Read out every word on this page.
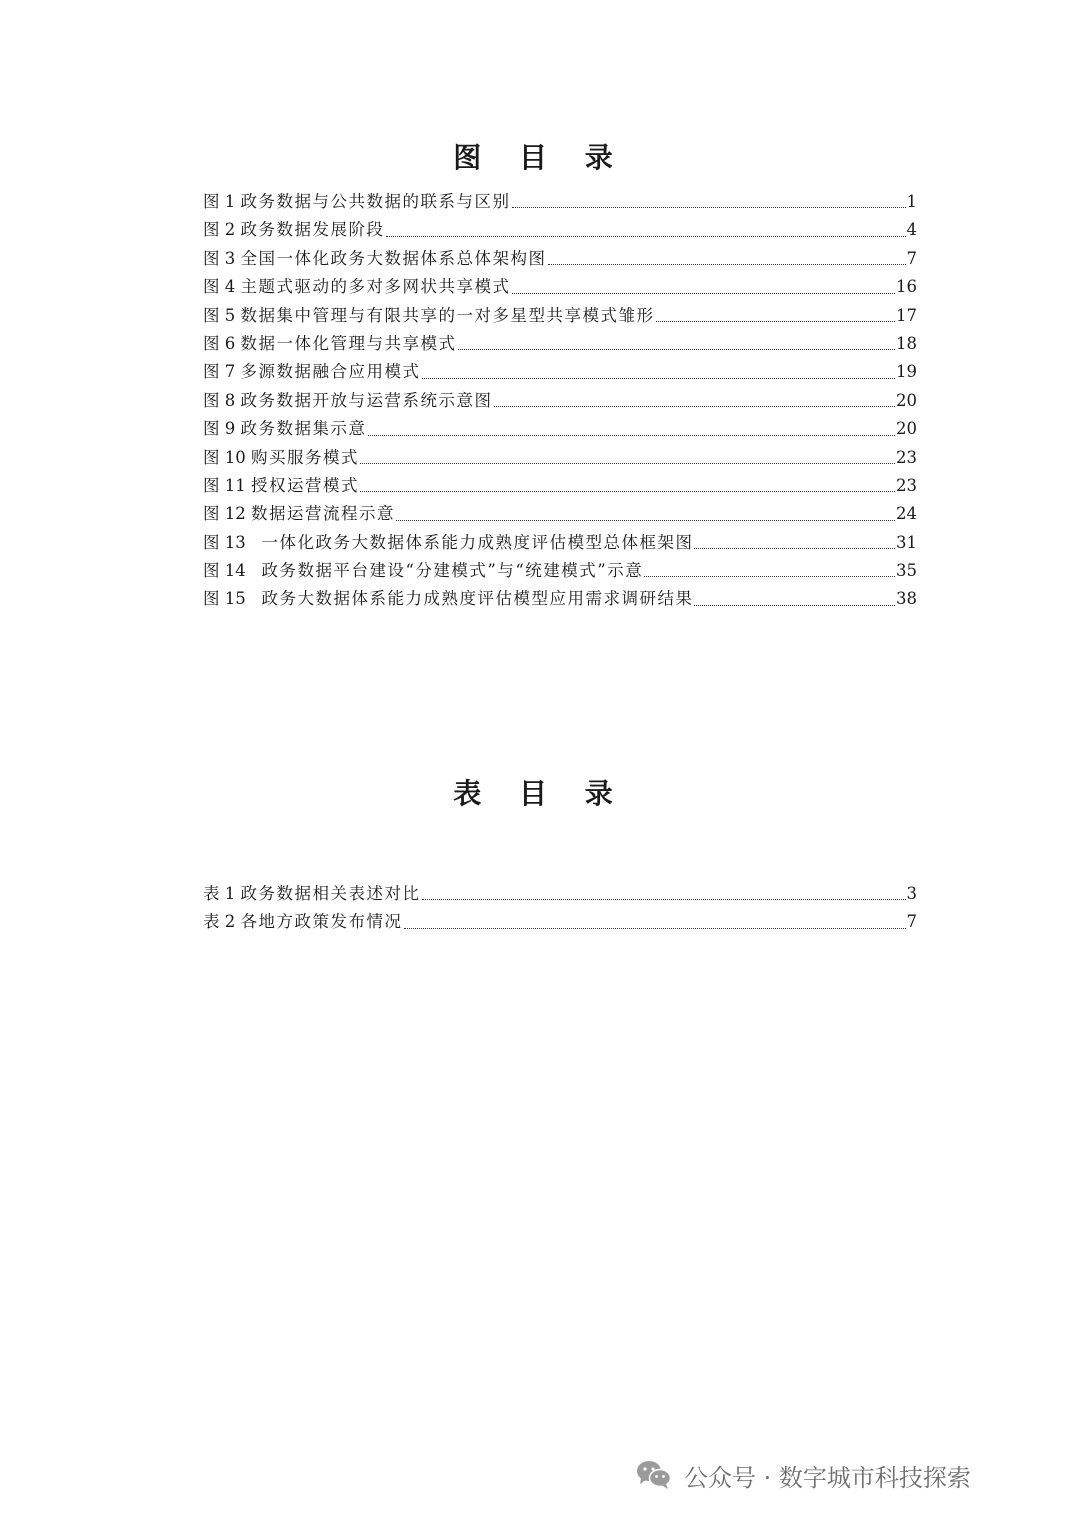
图 目 录
图 1 政务数据与公共数据的联系与区别	1
图 2 政务数据发展阶段	4
图 3 全国一体化政务大数据体系总体架构图	7
图 4 主题式驱动的多对多网状共享模式	16
图 5 数据集中管理与有限共享的一对多星型共享模式雏形	17
图 6 数据一体化管理与共享模式	18
图 7 多源数据融合应用模式	19
图 8 政务数据开放与运营系统示意图	20
图 9 政务数据集示意	20
图 10 购买服务模式	23
图 11 授权运营模式	23
图 12 数据运营流程示意	24
图 13 一体化政务大数据体系能力成熟度评估模型总体框架图	31
图 14 政务数据平台建设“分建模式”与“统建模式”示意	35
图 15 政务大数据体系能力成熟度评估模型应用需求调研结果	38
表 目 录
表 1 政务数据相关表述对比	3
表 2 各地方政策发布情况	7
公众号 · 数字城市科技探索
